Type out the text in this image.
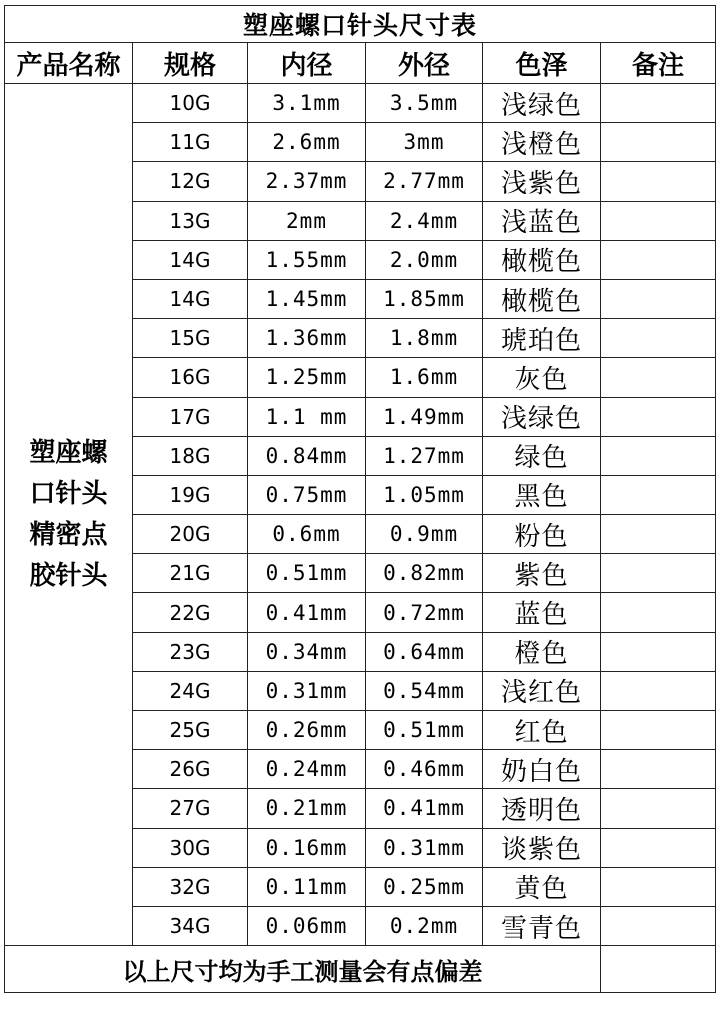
塑座螺口针头尺寸表					
产品名称	规格	内径	外径	色泽	备注

塑座螺
口针头
精密点
胶针头	10G	3.1mm	3.5mm	浅绿色	
	11G	2.6mm	3mm	浅橙色	
	12G	2.37mm	2.77mm	浅紫色	
	13G	2mm	2.4mm	浅蓝色	
	14G	1.55mm	2.0mm	橄榄色	
	14G	1.45mm	1.85mm	橄榄色	
	15G	1.36mm	1.8mm	琥珀色	
	16G	1.25mm	1.6mm	灰色	
	17G	1.1 mm	1.49mm	浅绿色	
	18G	0.84mm	1.27mm	绿色	
	19G	0.75mm	1.05mm	黑色	
	20G	0.6mm	0.9mm	粉色	
	21G	0.51mm	0.82mm	紫色	
	22G	0.41mm	0.72mm	蓝色	
	23G	0.34mm	0.64mm	橙色	
	24G	0.31mm	0.54mm	浅红色	
	25G	0.26mm	0.51mm	红色	
	26G	0.24mm	0.46mm	奶白色	
	27G	0.21mm	0.41mm	透明色	
	30G	0.16mm	0.31mm	谈紫色	
	32G	0.11mm	0.25mm	黄色	
	34G	0.06mm	0.2mm	雪青色	
以上尺寸均为手工测量会有点偏差					
